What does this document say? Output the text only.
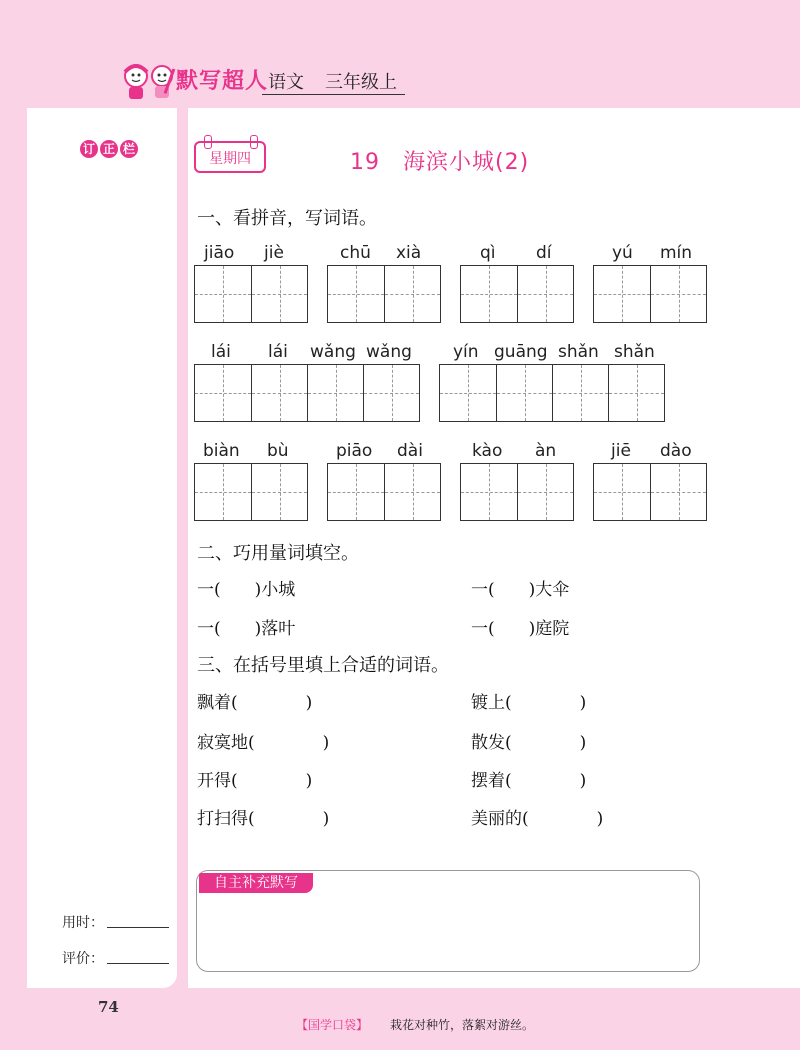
默写超人 语文 三年级上
订 正 栏
用时：
评价：
星期四	19　海滨小城(2)
一、看拼音，写词语。
jiāo jiè	chū xià	qì dí	yú mín
lái lái wǎng wǎng yín guāng shǎn shǎn
biàn bù	piāo dài	kào àn	jiē dào
二、巧用量词填空。
一(　　)小城	一(　　)大伞
一(　　)落叶	一(　　)庭院
三、在括号里填上合适的词语。
飘着(　　　　)	镀上(　　　　)
寂寞地(　　　　)	散发(　　　　)
开得(　　　　)	摆着(　　　　)
打扫得(　　　　)	美丽的(　　　　)
自主补充默写
74
【国学口袋】 栽花对种竹，落絮对游丝。
